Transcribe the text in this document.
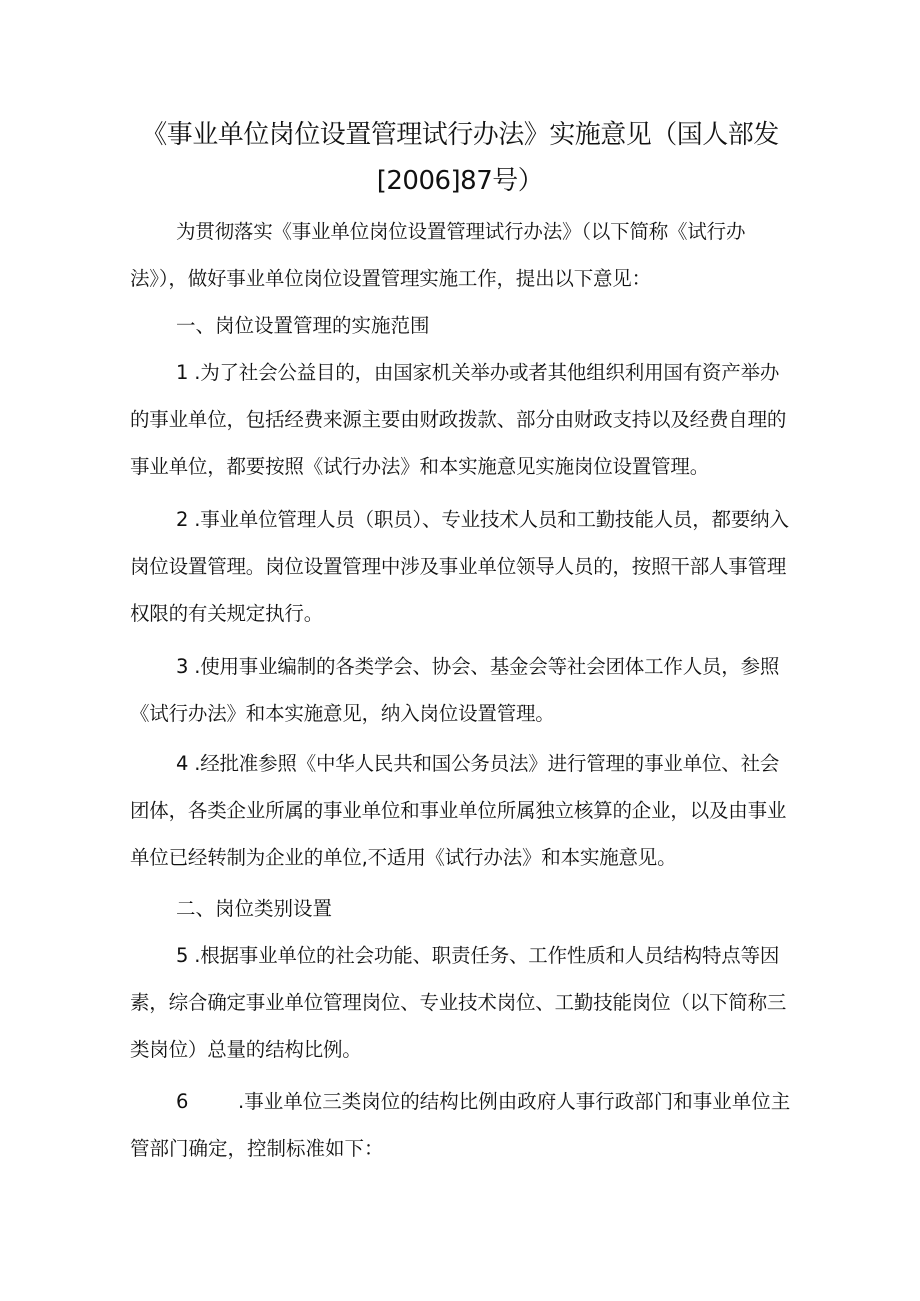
《事业单位岗位设置管理试行办法》实施意见（国人部发
[2006]87号）

为贯彻落实《事业单位岗位设置管理试行办法》（以下简称《试行办法》），做好事业单位岗位设置管理实施工作，提出以下意见：

一、岗位设置管理的实施范围

1 .为了社会公益目的，由国家机关举办或者其他组织利用国有资产举办的事业单位，包括经费来源主要由财政拨款、部分由财政支持以及经费自理的事业单位，都要按照《试行办法》和本实施意见实施岗位设置管理。

2 .事业单位管理人员（职员）、专业技术人员和工勤技能人员，都要纳入岗位设置管理。岗位设置管理中涉及事业单位领导人员的，按照干部人事管理权限的有关规定执行。

3 .使用事业编制的各类学会、协会、基金会等社会团体工作人员，参照《试行办法》和本实施意见，纳入岗位设置管理。

4 .经批准参照《中华人民共和国公务员法》进行管理的事业单位、社会团体，各类企业所属的事业单位和事业单位所属独立核算的企业，以及由事业单位已经转制为企业的单位,不适用《试行办法》和本实施意见。

二、岗位类别设置

5 .根据事业单位的社会功能、职责任务、工作性质和人员结构特点等因素，综合确定事业单位管理岗位、专业技术岗位、工勤技能岗位（以下简称三类岗位）总量的结构比例。

6	.事业单位三类岗位的结构比例由政府人事行政部门和事业单位主管部门确定，控制标准如下：
